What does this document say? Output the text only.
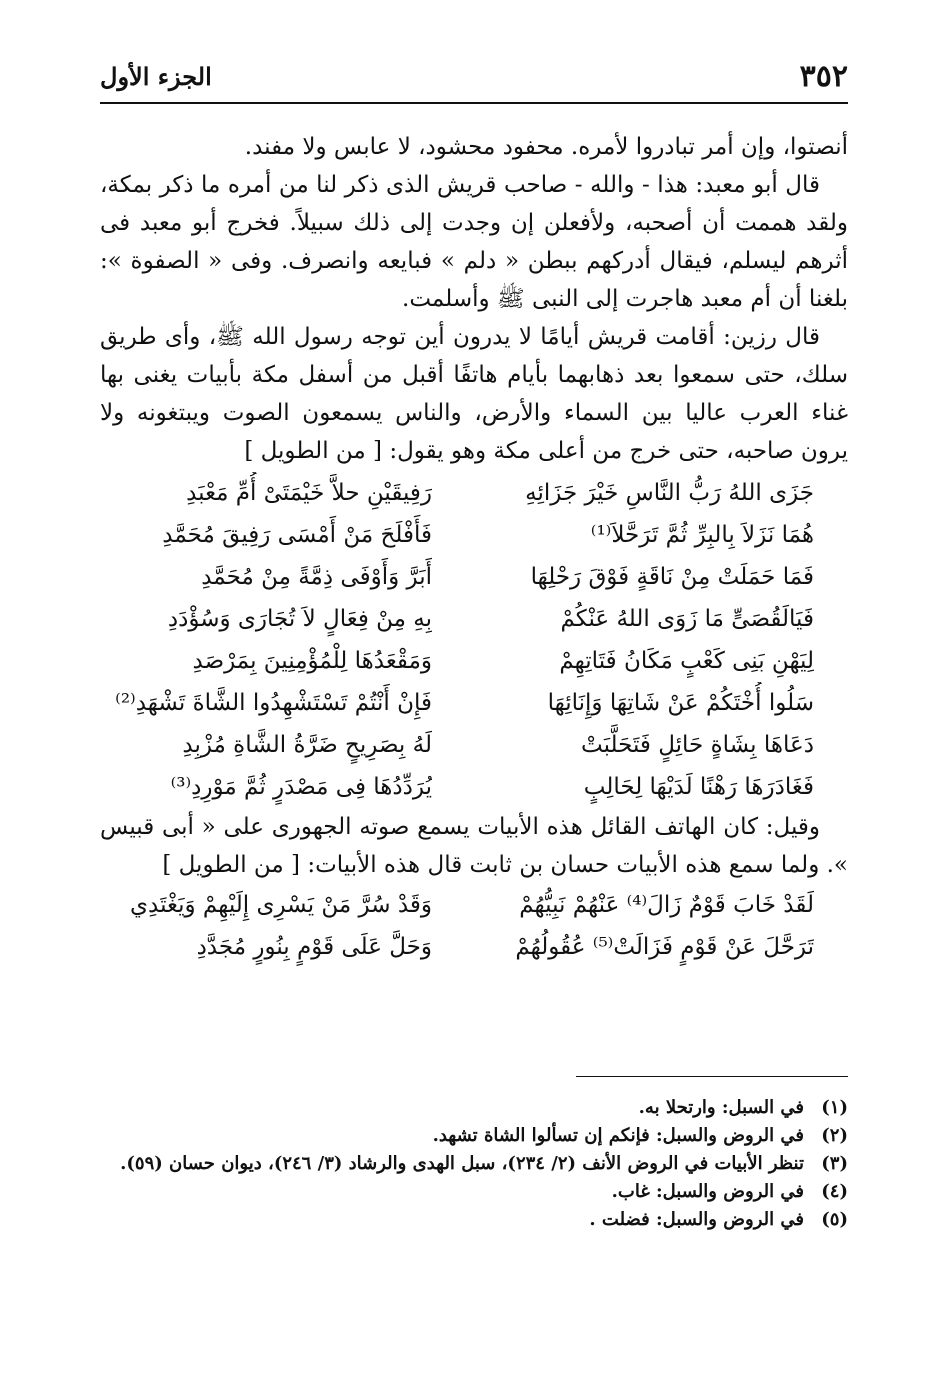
٣٥٢
الجزء الأول

أنصتوا، وإن أمر تبادروا لأمره. محفود محشود، لا عابس ولا مفند.

قال أبو معبد: هذا - والله - صاحب قريش الذى ذكر لنا من أمره ما ذكر بمكة، ولقد هممت أن أصحبه، ولأفعلن إن وجدت إلى ذلك سبيلاً. فخرج أبو معبد فى أثرهم ليسلم، فيقال أدركهم ببطن « دلم » فبايعه وانصرف. وفى « الصفوة »: بلغنا أن أم معبد هاجرت إلى النبى ﷺ وأسلمت.

قال رزين: أقامت قريش أيامًا لا يدرون أين توجه رسول الله ﷺ، وأى طريق سلك، حتى سمعوا بعد ذهابهما بأيام هاتفًا أقبل من أسفل مكة بأبيات يغنى بها غناء العرب عاليا بين السماء والأرض، والناس يسمعون الصوت ويبتغونه ولا يرون صاحبه، حتى خرج من أعلى مكة وهو يقول: [ من الطويل ]

جَزَى اللهُ رَبُّ النَّاسِ خَيْرَ جَزَائِهِ
رَفِيقَيْنِ حلاَّ خَيْمَتَىْ أُمِّ مَعْبَدِ
هُمَا نَزَلاَ بِالبِرِّ ثُمَّ تَرَحَّلاَ⁽¹⁾
فَأَفْلَحَ مَنْ أَمْسَى رَفِيقَ مُحَمَّدِ
فَمَا حَمَلَتْ مِنْ نَاقَةٍ فَوْقَ رَحْلِهَا
أَبَرَّ وَأَوْفَى ذِمَّةً مِنْ مُحَمَّدِ
فَيَالَقُصَىٍّ مَا زَوَى اللهُ عَنْكُمْ
بِهِ مِنْ فِعَالٍ لاَ تُجَارَى وَسُؤْدَدِ
لِيَهْنِ بَنِى كَعْبٍ مَكَانُ فَتَاتِهِمْ
وَمَقْعَدُهَا لِلْمُؤْمِنِينَ بِمَرْصَدِ
سَلُوا أُخْتَكُمْ عَنْ شَاتِهَا وَإِنَائِهَا
فَإِنْ أَنْتُمْ تَسْتَشْهِدُوا الشَّاةَ تَشْهَدِ⁽²⁾
دَعَاهَا بِشَاةٍ حَائِلٍ فَتَحَلَّبَتْ
لَهُ بِصَرِيحٍ ضَرَّةُ الشَّاةِ مُزْبِدِ
فَغَادَرَهَا رَهْنًا لَدَيْهَا لِحَالِبٍ
يُرَدِّدُهَا فِى مَصْدَرٍ ثُمَّ مَوْرِدِ⁽³⁾

وقيل: كان الهاتف القائل هذه الأبيات يسمع صوته الجهورى على « أبى قبيس ». ولما سمع هذه الأبيات حسان بن ثابت قال هذه الأبيات: [ من الطويل ]

لَقَدْ خَابَ قَوْمٌ زَالَ⁽⁴⁾ عَنْهُمْ نَبِيُّهُمْ
وَقَدْ سُرَّ مَنْ يَسْرِى إِلَيْهِمْ وَيَغْتَدِي
تَرَحَّلَ عَنْ قَوْمٍ فَزَالَتْ⁽⁵⁾ عُقُولُهُمْ
وَحَلَّ عَلَى قَوْمٍ بِنُورٍ مُجَدَّدِ
(١)
في السبل: وارتحلا به.
(٢)
في الروض والسبل: فإنكم إن تسألوا الشاة تشهد.
(٣)
تنظر الأبيات في الروض الأنف (٢/ ٢٣٤)، سبل الهدى والرشاد (٣/ ٢٤٦)، ديوان حسان (٥٩).
(٤)
في الروض والسبل: غاب.
(٥)
في الروض والسبل: فضلت .
